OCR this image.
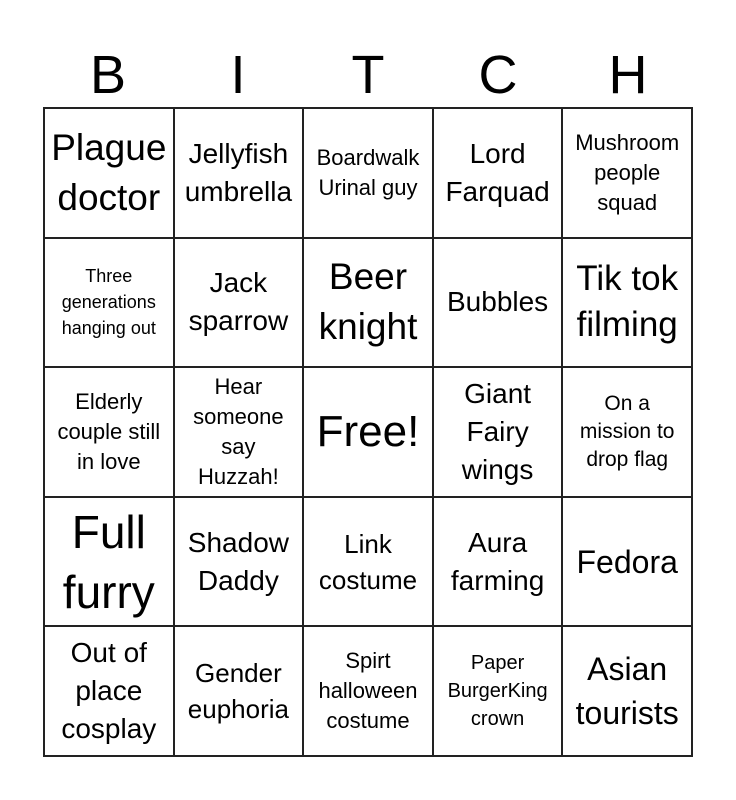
B	I	T	C	H
Plague doctor
Jellyfish umbrella
Boardwalk Urinal guy
Lord Farquad
Mushroom people squad
Three generations hanging out
Jack sparrow
Beer knight
Bubbles
Tik tok filming
Elderly couple still in love
Hear someone say Huzzah!
Free!
Giant Fairy wings
On a mission to drop flag
Full furry
Shadow Daddy
Link costume
Aura farming
Fedora
Out of place cosplay
Gender euphoria
Spirt halloween costume
Paper BurgerKing crown
Asian tourists
